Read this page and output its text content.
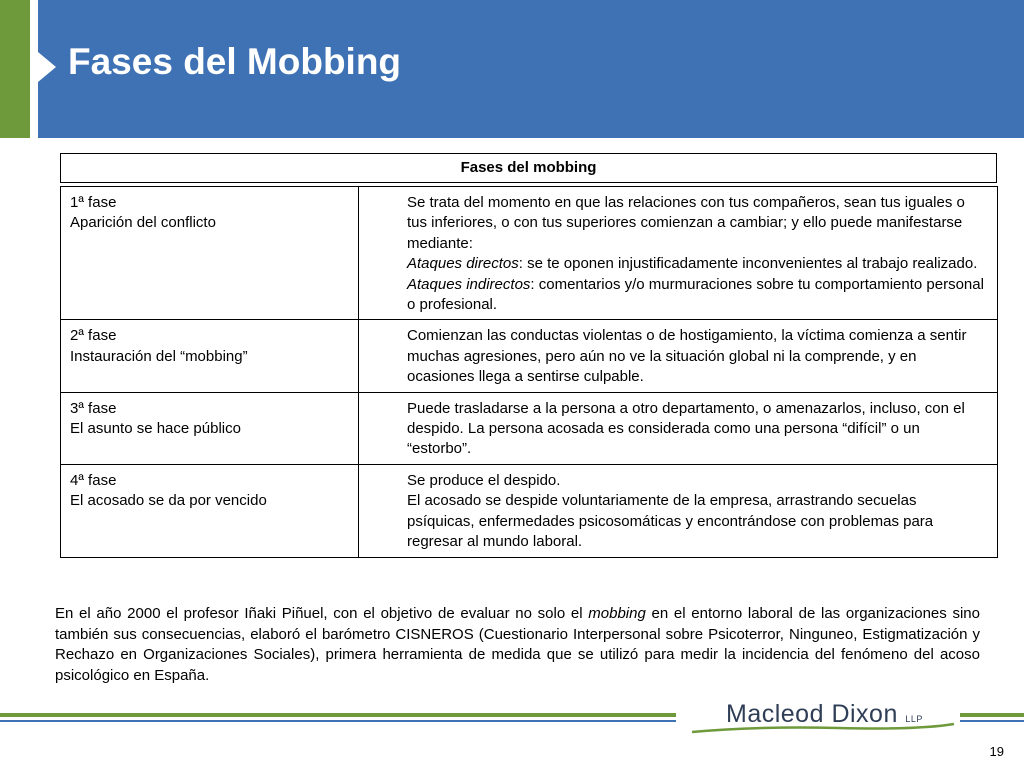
Fases del Mobbing
Fases del mobbing
1ª fase
Aparición del conflicto	Se trata del momento en que las relaciones con tus compañeros, sean tus iguales o tus inferiores, o con tus superiores comienzan a cambiar; y ello puede manifestarse mediante:
Ataques directos: se te oponen injustificadamente inconvenientes al trabajo realizado.
Ataques indirectos: comentarios y/o murmuraciones sobre tu comportamiento personal o profesional.

2ª fase
Instauración del “mobbing”	Comienzan las conductas violentas o de hostigamiento, la víctima comienza a sentir muchas agresiones, pero aún no ve la situación global ni la comprende, y en ocasiones llega a sentirse culpable.

3ª fase
El asunto se hace público	Puede trasladarse a la persona a otro departamento, o amenazarlos, incluso, con el despido. La persona acosada es considerada como una persona “difícil” o un “estorbo”.

4ª fase
El acosado se da por vencido	Se produce el despido.
El acosado se despide voluntariamente de la empresa, arrastrando secuelas psíquicas, enfermedades psicosomáticas y encontrándose con problemas para regresar al mundo laboral.

En el año 2000 el profesor Iñaki Piñuel, con el objetivo de evaluar no solo el mobbing en el entorno laboral de las organizaciones sino también sus consecuencias, elaboró el barómetro CISNEROS (Cuestionario Interpersonal sobre Psicoterror, Ninguneo, Estigmatización y Rechazo en Organizaciones Sociales), primera herramienta de medida que se utilizó para medir la incidencia del fenómeno del acoso psicológico en España.

Macleod Dixon LLP
19
